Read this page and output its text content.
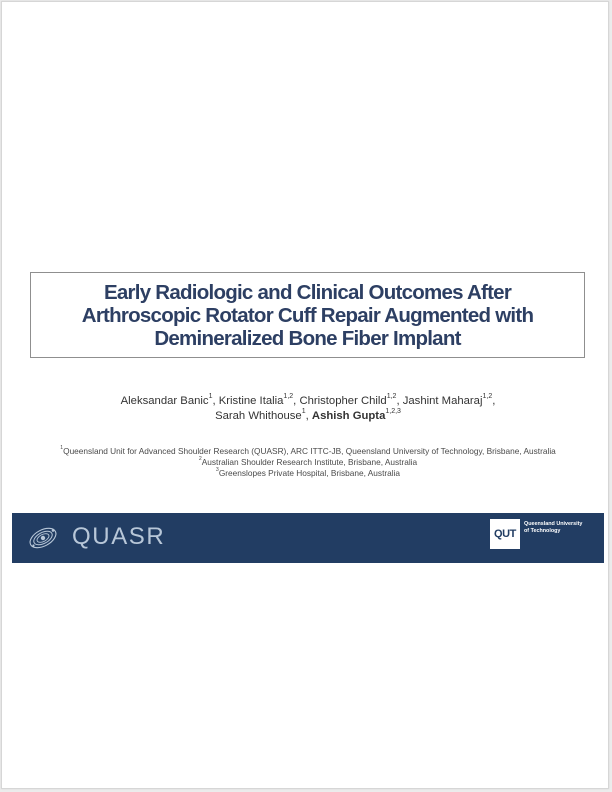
Early Radiologic and Clinical Outcomes After
Arthroscopic Rotator Cuff Repair Augmented with
Demineralized Bone Fiber Implant
Aleksandar Banic$^1$, Kristine Italia$^{1,2}$, Christopher Child$^{1,2}$, Jashint Maharaj$^{1,2}$,
Sarah Whithouse$^1$, Ashish Gupta$^{1,2,3}$
$^1$Queensland Unit for Advanced Shoulder Research (QUASR), ARC ITTC-JB, Queensland University of Technology, Brisbane, Australia
$^2$Australian Shoulder Research Institute, Brisbane, Australia
$^3$Greenslopes Private Hospital, Brisbane, Australia
QUASR	QUT
Queensland University
of Technology
